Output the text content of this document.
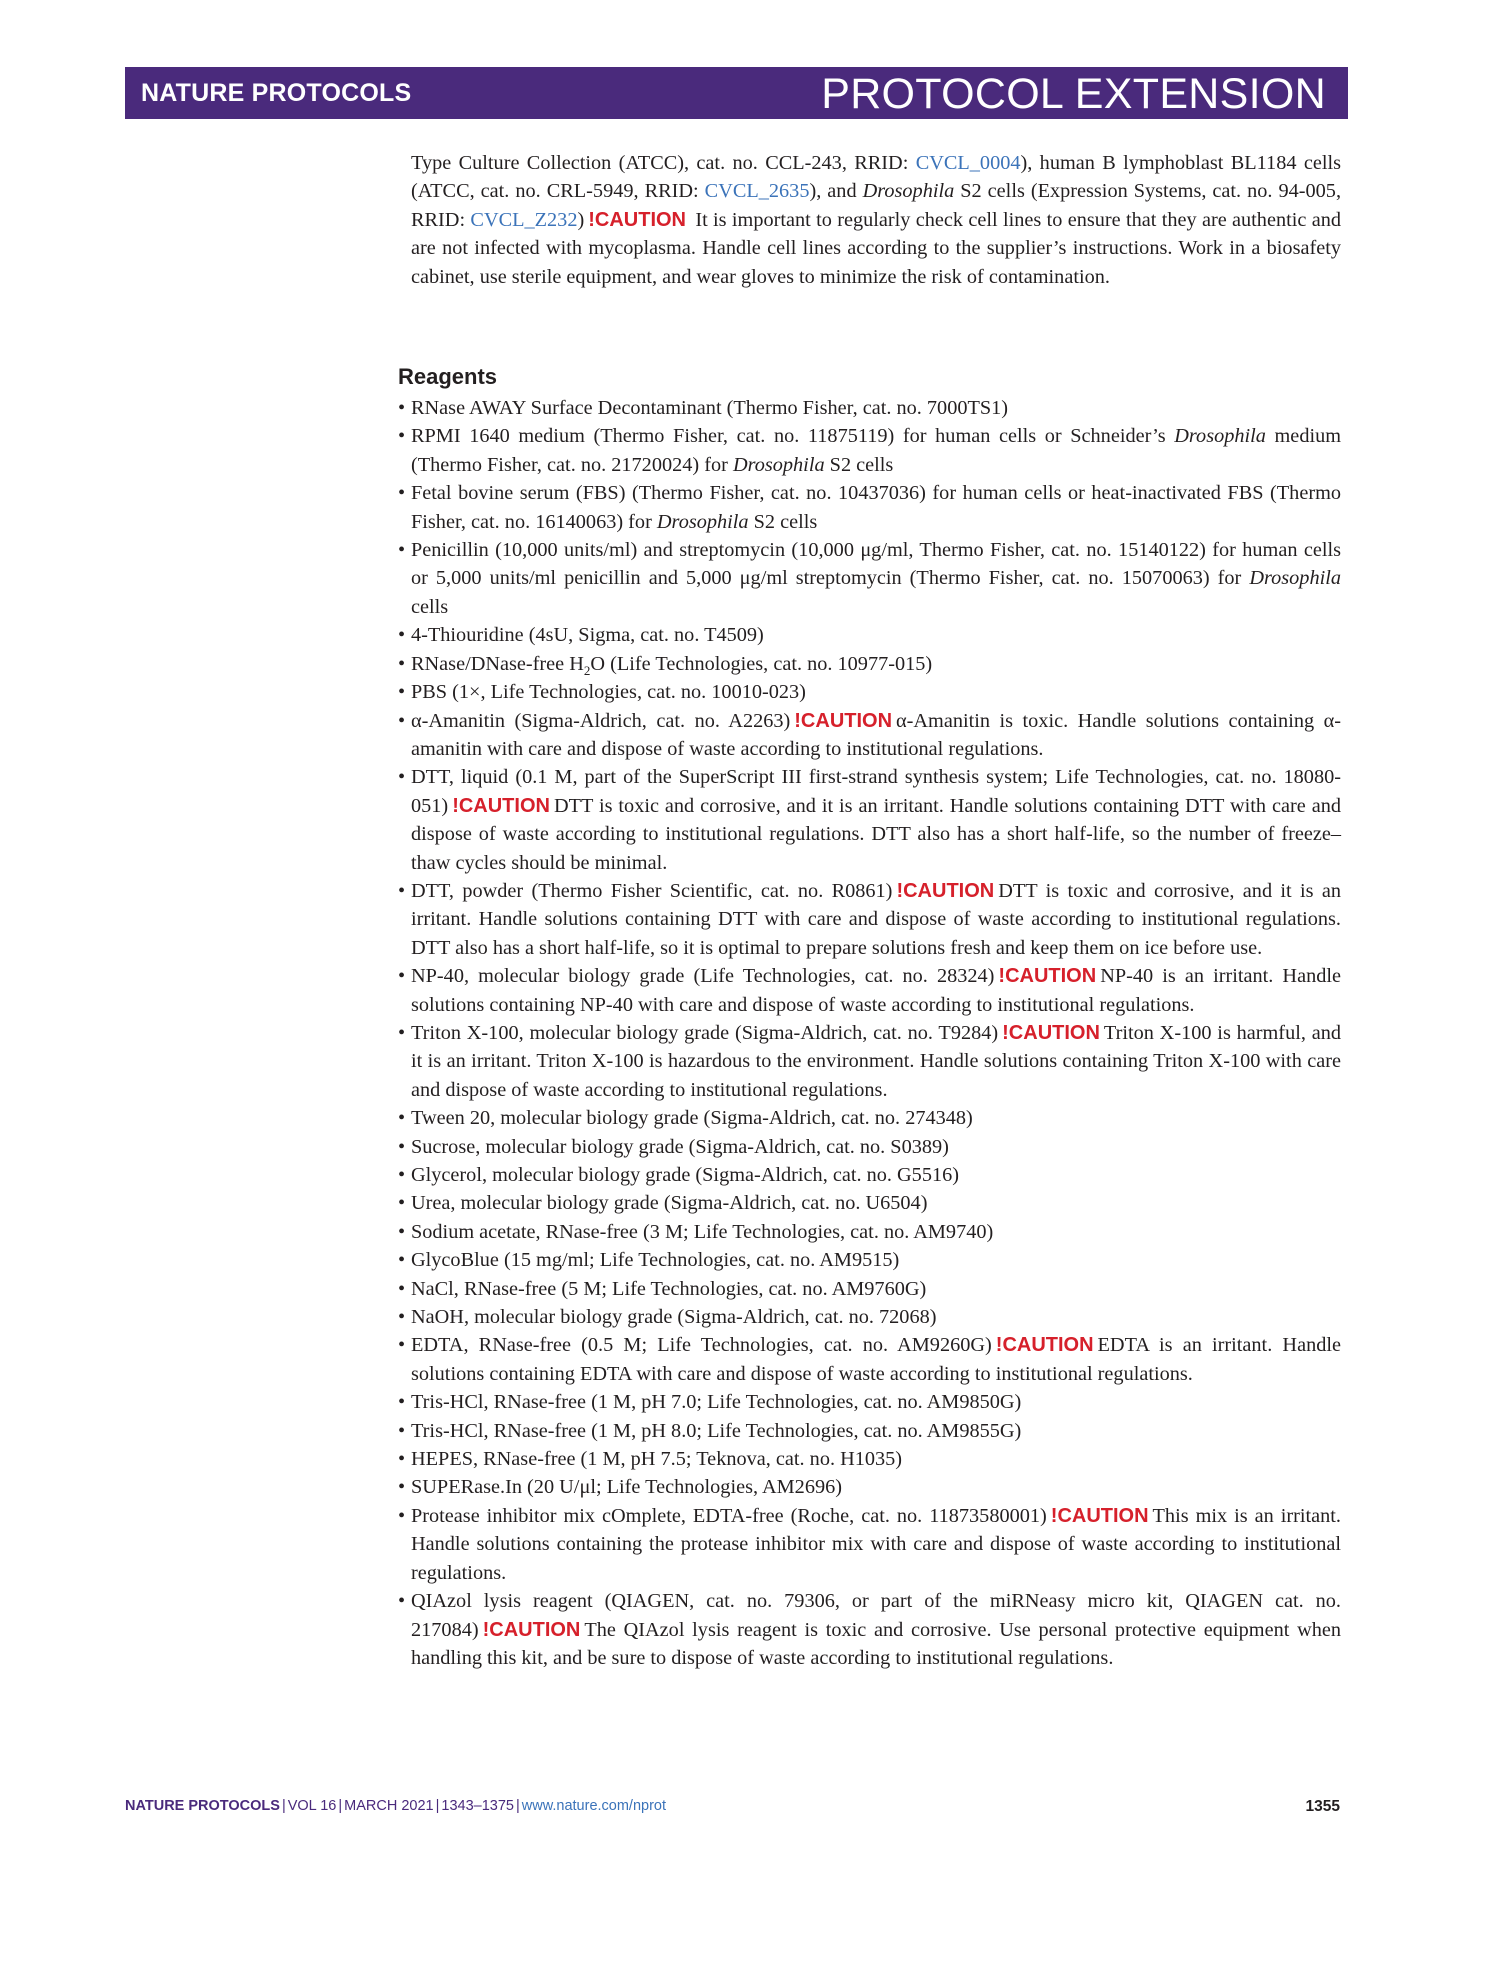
NATURE PROTOCOLS	PROTOCOL EXTENSION

Type Culture Collection (ATCC), cat. no. CCL-243, RRID: CVCL_0004), human B lymphoblast BL1184 cells (ATCC, cat. no. CRL-5949, RRID: CVCL_2635), and Drosophila S2 cells (Expression Systems, cat. no. 94-005, RRID: CVCL_Z232) !CAUTION It is important to regularly check cell lines to ensure that they are authentic and are not infected with mycoplasma. Handle cell lines according to the supplier’s instructions. Work in a biosafety cabinet, use sterile equipment, and wear gloves to minimize the risk of contamination.

Reagents
• RNase AWAY Surface Decontaminant (Thermo Fisher, cat. no. 7000TS1)
• RPMI 1640 medium (Thermo Fisher, cat. no. 11875119) for human cells or Schneider’s Drosophila medium (Thermo Fisher, cat. no. 21720024) for Drosophila S2 cells
• Fetal bovine serum (FBS) (Thermo Fisher, cat. no. 10437036) for human cells or heat-inactivated FBS (Thermo Fisher, cat. no. 16140063) for Drosophila S2 cells
• Penicillin (10,000 units/ml) and streptomycin (10,000 μg/ml, Thermo Fisher, cat. no. 15140122) for human cells or 5,000 units/ml penicillin and 5,000 μg/ml streptomycin (Thermo Fisher, cat. no. 15070063) for Drosophila cells
• 4-Thiouridine (4sU, Sigma, cat. no. T4509)
• RNase/DNase-free $H_2O$ (Life Technologies, cat. no. 10977-015)
• PBS (1×, Life Technologies, cat. no. 10010-023)
• α-Amanitin (Sigma-Aldrich, cat. no. A2263) !CAUTION α-Amanitin is toxic. Handle solutions containing α-amanitin with care and dispose of waste according to institutional regulations.
• DTT, liquid (0.1 M, part of the SuperScript III first-strand synthesis system; Life Technologies, cat. no. 18080-051) !CAUTION DTT is toxic and corrosive, and it is an irritant. Handle solutions containing DTT with care and dispose of waste according to institutional regulations. DTT also has a short half-life, so the number of freeze–thaw cycles should be minimal.
• DTT, powder (Thermo Fisher Scientific, cat. no. R0861) !CAUTION DTT is toxic and corrosive, and it is an irritant. Handle solutions containing DTT with care and dispose of waste according to institutional regulations. DTT also has a short half-life, so it is optimal to prepare solutions fresh and keep them on ice before use.
• NP-40, molecular biology grade (Life Technologies, cat. no. 28324) !CAUTION NP-40 is an irritant. Handle solutions containing NP-40 with care and dispose of waste according to institutional regulations.
• Triton X-100, molecular biology grade (Sigma-Aldrich, cat. no. T9284) !CAUTION Triton X-100 is harmful, and it is an irritant. Triton X-100 is hazardous to the environment. Handle solutions containing Triton X-100 with care and dispose of waste according to institutional regulations.
• Tween 20, molecular biology grade (Sigma-Aldrich, cat. no. 274348)
• Sucrose, molecular biology grade (Sigma-Aldrich, cat. no. S0389)
• Glycerol, molecular biology grade (Sigma-Aldrich, cat. no. G5516)
• Urea, molecular biology grade (Sigma-Aldrich, cat. no. U6504)
• Sodium acetate, RNase-free (3 M; Life Technologies, cat. no. AM9740)
• GlycoBlue (15 mg/ml; Life Technologies, cat. no. AM9515)
• NaCl, RNase-free (5 M; Life Technologies, cat. no. AM9760G)
• NaOH, molecular biology grade (Sigma-Aldrich, cat. no. 72068)
• EDTA, RNase-free (0.5 M; Life Technologies, cat. no. AM9260G) !CAUTION EDTA is an irritant. Handle solutions containing EDTA with care and dispose of waste according to institutional regulations.
• Tris-HCl, RNase-free (1 M, pH 7.0; Life Technologies, cat. no. AM9850G)
• Tris-HCl, RNase-free (1 M, pH 8.0; Life Technologies, cat. no. AM9855G)
• HEPES, RNase-free (1 M, pH 7.5; Teknova, cat. no. H1035)
• SUPERase.In (20 U/μl; Life Technologies, AM2696)
• Protease inhibitor mix cOmplete, EDTA-free (Roche, cat. no. 11873580001) !CAUTION This mix is an irritant. Handle solutions containing the protease inhibitor mix with care and dispose of waste according to institutional regulations.
• QIAzol lysis reagent (QIAGEN, cat. no. 79306, or part of the miRNeasy micro kit, QIAGEN cat. no. 217084) !CAUTION The QIAzol lysis reagent is toxic and corrosive. Use personal protective equipment when handling this kit, and be sure to dispose of waste according to institutional regulations.
NATURE PROTOCOLS | VOL 16 | MARCH 2021 | 1343–1375 | www.nature.com/nprot	1355
